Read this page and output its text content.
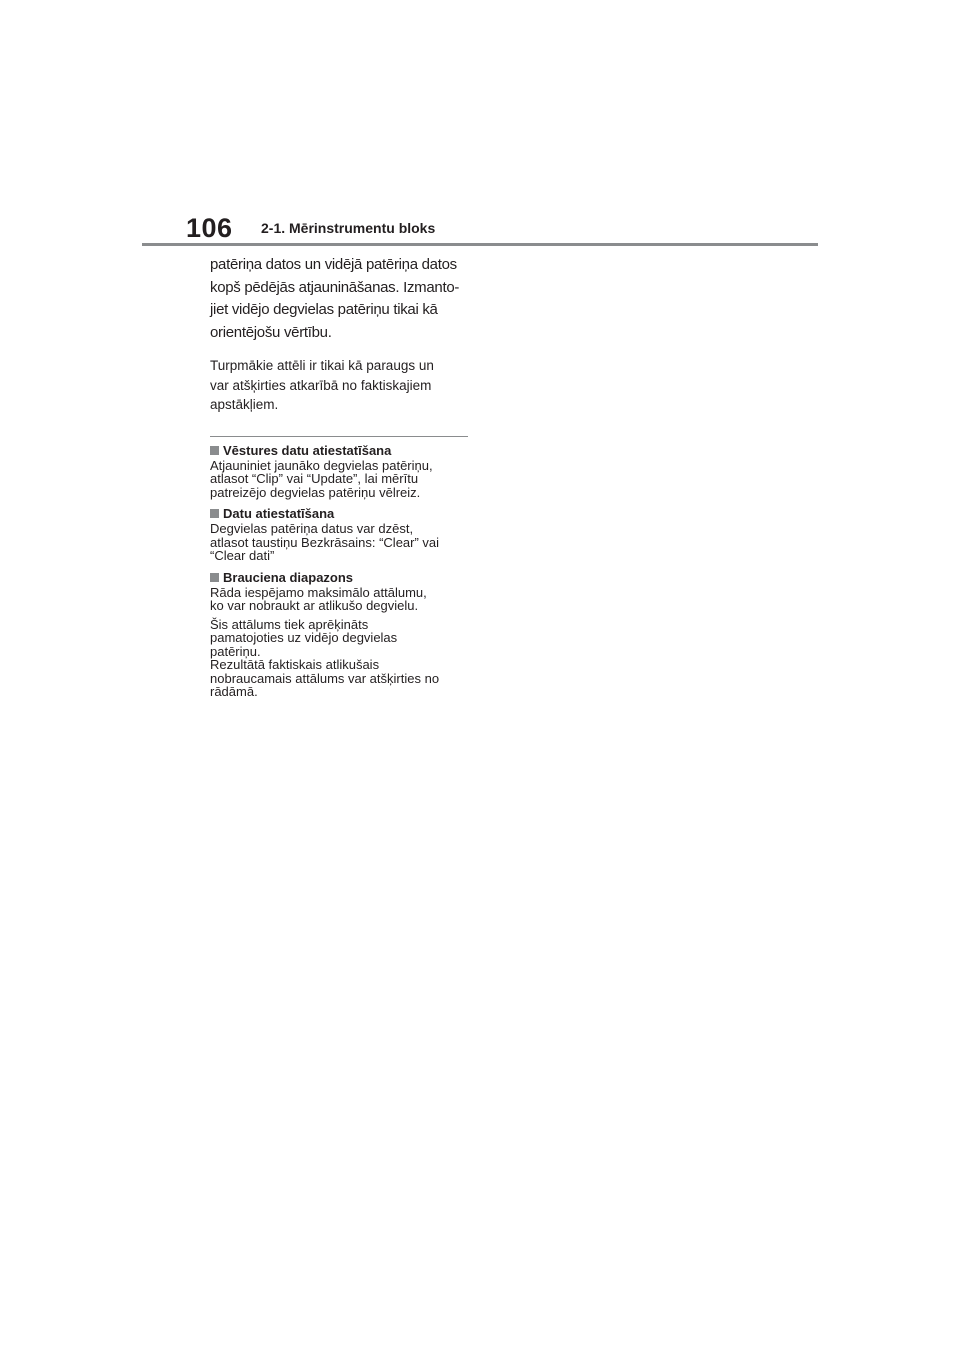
106 2-1. Mērinstrumentu bloks

patēriņa datos un vidējā patēriņa datos
kopš pēdējās atjaunināšanas. Izmanto-
jiet vidējo degvielas patēriņu tikai kā
orientējošu vērtību.

Turpmākie attēli ir tikai kā paraugs un
var atšķirties atkarībā no faktiskajiem
apstākļiem.

Vēstures datu atiestatīšana

Atjauniniet jaunāko degvielas patēriņu,
atlasot “Clip” vai “Update”, lai mērītu
patreizējo degvielas patēriņu vēlreiz.

Datu atiestatīšana

Degvielas patēriņa datus var dzēst,
atlasot taustiņu Bezkrāsains: “Clear” vai
“Clear dati”

Brauciena diapazons

Rāda iespējamo maksimālo attālumu,
ko var nobraukt ar atlikušo degvielu.

Šis attālums tiek aprēķināts
pamatojoties uz vidējo degvielas
patēriņu.
Rezultātā faktiskais atlikušais
nobraucamais attālums var atšķirties no
rādāmā.
